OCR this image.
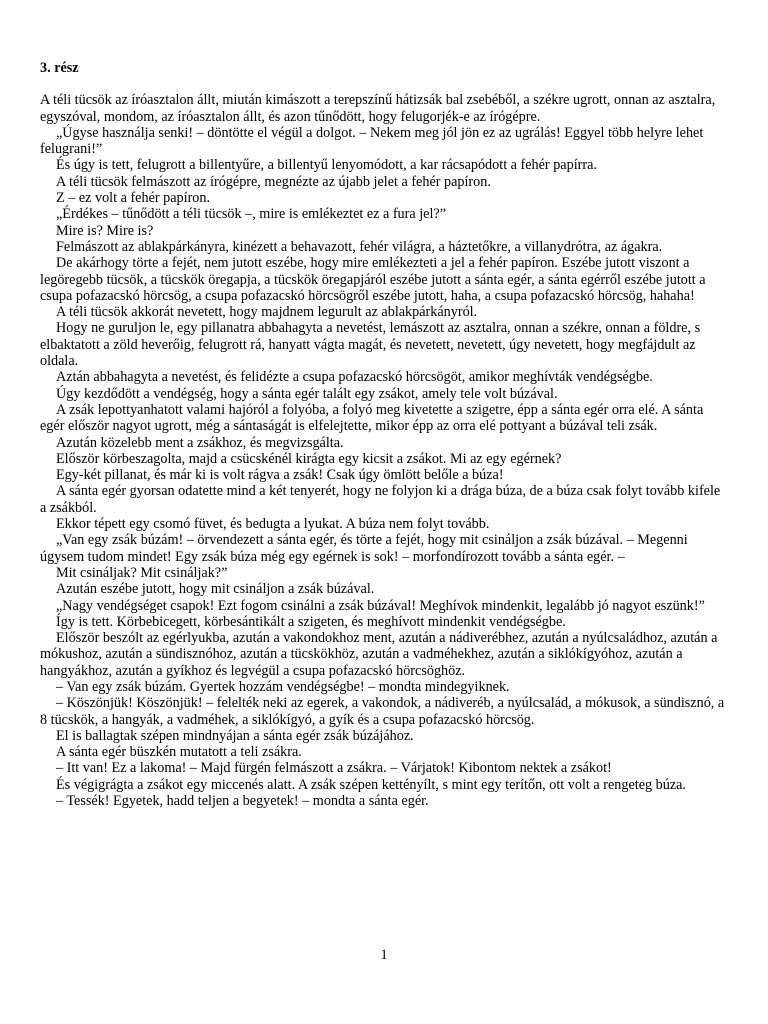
3. rész

A téli tücsök az íróasztalon állt, miután kimászott a terepszínű hátizsák bal zsebéből, a székre ugrott, onnan az asztalra, egyszóval, mondom, az íróasztalon állt, és azon tűnődött, hogy felugorjék-e az írógépre.

„Úgyse használja senki! – döntötte el végül a dolgot. – Nekem meg jól jön ez az ugrálás! Eggyel több helyre lehet felugrani!”

És úgy is tett, felugrott a billentyűre, a billentyű lenyomódott, a kar rácsapódott a fehér papírra.

A téli tücsök felmászott az írógépre, megnézte az újabb jelet a fehér papíron.

Z – ez volt a fehér papíron.

„Érdékes – tűnődött a téli tücsök –, mire is emlékeztet ez a fura jel?”

Mire is? Mire is?

Felmászott az ablakpárkányra, kinézett a behavazott, fehér világra, a háztetőkre, a villanydrótra, az ágakra.

De akárhogy törte a fejét, nem jutott eszébe, hogy mire emlékezteti a jel a fehér papíron. Eszébe jutott viszont a legöregebb tücsök, a tücskök öregapja, a tücskök öregapjáról eszébe jutott a sánta egér, a sánta egérről eszébe jutott a csupa pofazacskó hörcsög, a csupa pofazacskó hörcsögről eszébe jutott, haha, a csupa pofazacskó hörcsög, hahaha!

A téli tücsök akkorát nevetett, hogy majdnem legurult az ablakpárkányról.

Hogy ne guruljon le, egy pillanatra abbahagyta a nevetést, lemászott az asztalra, onnan a székre, onnan a földre, s elbaktatott a zöld heverőig, felugrott rá, hanyatt vágta magát, és nevetett, nevetett, úgy nevetett, hogy megfájdult az oldala.

Aztán abbahagyta a nevetést, és felidézte a csupa pofazacskó hörcsögöt, amikor meghívták vendégségbe.

Úgy kezdődött a vendégség, hogy a sánta egér talált egy zsákot, amely tele volt búzával.

A zsák lepottyanhatott valami hajóról a folyóba, a folyó meg kivetette a szigetre, épp a sánta egér orra elé. A sánta egér először nagyot ugrott, még a sántaságát is elfelejtette, mikor épp az orra elé pottyant a búzával teli zsák.

Azután közelebb ment a zsákhoz, és megvizsgálta.

Először körbeszagolta, majd a csücskénél kirágta egy kicsit a zsákot. Mi az egy egérnek?

Egy-két pillanat, és már ki is volt rágva a zsák! Csak úgy ömlött belőle a búza!

A sánta egér gyorsan odatette mind a két tenyerét, hogy ne folyjon ki a drága búza, de a búza csak folyt tovább kifele a zsákból.

Ekkor tépett egy csomó füvet, és bedugta a lyukat. A búza nem folyt tovább.

„Van egy zsák búzám! – örvendezett a sánta egér, és törte a fejét, hogy mit csináljon a zsák búzával. – Megenni úgysem tudom mindet! Egy zsák búza még egy egérnek is sok! – morfondírozott tovább a sánta egér. –

Mit csináljak? Mit csináljak?”

Azután eszébe jutott, hogy mit csináljon a zsák búzával.

„Nagy vendégséget csapok! Ezt fogom csinálni a zsák búzával! Meghívok mindenkit, legalább jó nagyot eszünk!”

Így is tett. Körbebicegett, körbesántikált a szigeten, és meghívott mindenkit vendégségbe.

Először beszólt az egérlyukba, azután a vakondokhoz ment, azután a nádiverébhez, azután a nyúlcsaládhoz, azután a mókushoz, azután a sündisznóhoz, azután a tücskökhöz, azután a vadméhekhez, azután a siklókígyóhoz, azután a hangyákhoz, azután a gyíkhoz és legvégül a csupa pofazacskó hörcsöghöz.

– Van egy zsák búzám. Gyertek hozzám vendégségbe! – mondta mindegyiknek.

– Köszönjük! Köszönjük! – felelték neki az egerek, a vakondok, a nádiveréb, a nyúlcsalád, a mókusok, a sündisznó, a 8 tücskök, a hangyák, a vadméhek, a siklókígyó, a gyík és a csupa pofazacskó hörcsög.

El is ballagtak szépen mindnyájan a sánta egér zsák búzájához.

A sánta egér büszkén mutatott a teli zsákra.

– Itt van! Ez a lakoma! – Majd fürgén felmászott a zsákra. – Várjatok! Kibontom nektek a zsákot!

És végigrágta a zsákot egy miccenés alatt. A zsák szépen kettényílt, s mint egy terítőn, ott volt a rengeteg búza.

– Tessék! Egyetek, hadd teljen a begyetek! – mondta a sánta egér.

1
